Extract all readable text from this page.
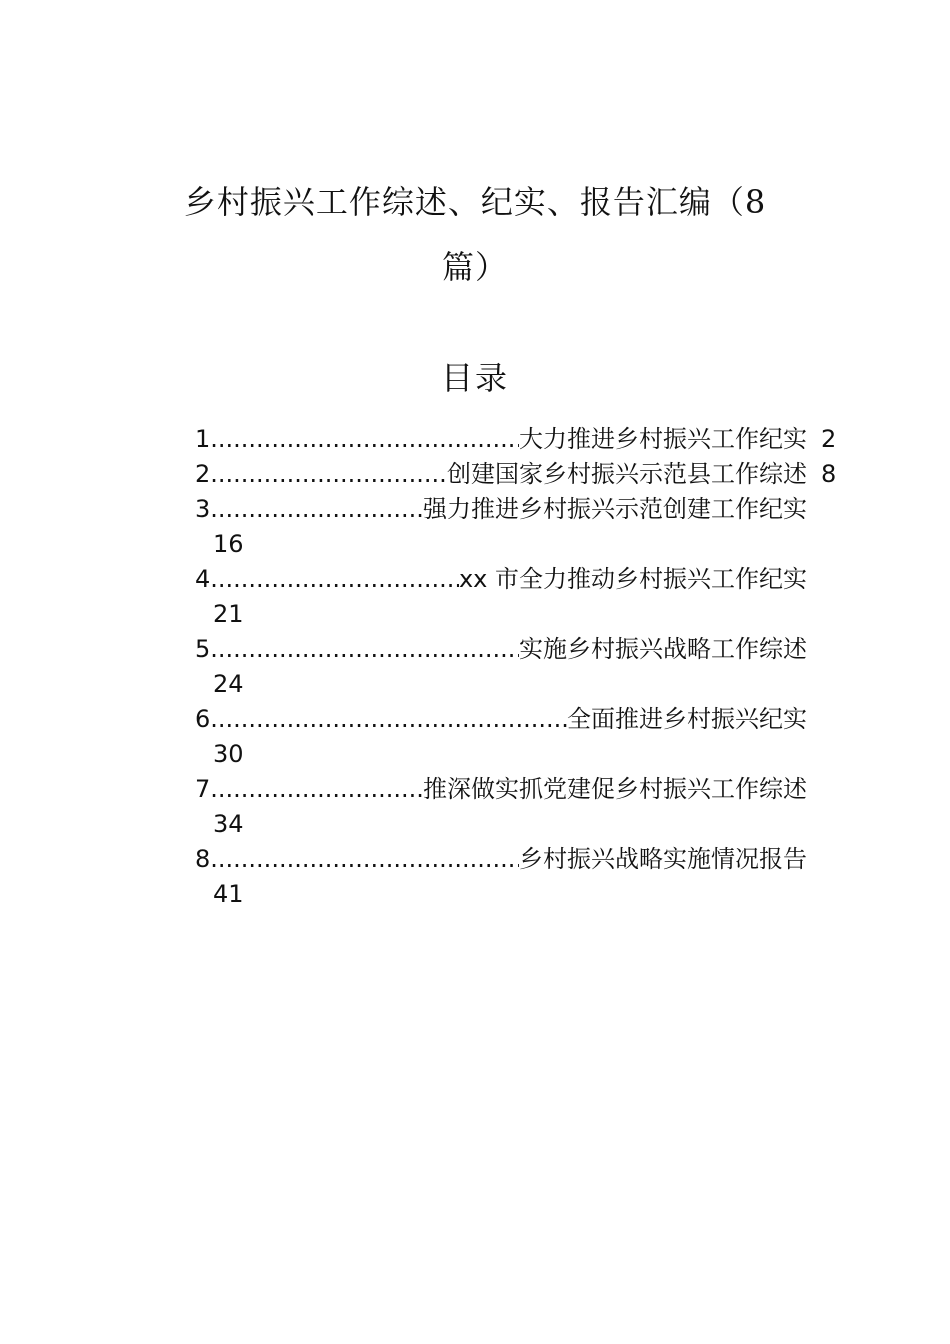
乡村振兴工作综述、纪实、报告汇编（8
篇）
目录
1 .....	大力推进乡村振兴工作纪实 2
2 .....	创建国家乡村振兴示范县工作综述 8
3 .....	强力推进乡村振兴示范创建工作纪实
16
4 .....	xx 市全力推动乡村振兴工作纪实
21
5 .....	实施乡村振兴战略工作综述
24
6 .....	全面推进乡村振兴纪实
30
7 .....	推深做实抓党建促乡村振兴工作综述
34
8 .....	乡村振兴战略实施情况报告
41
